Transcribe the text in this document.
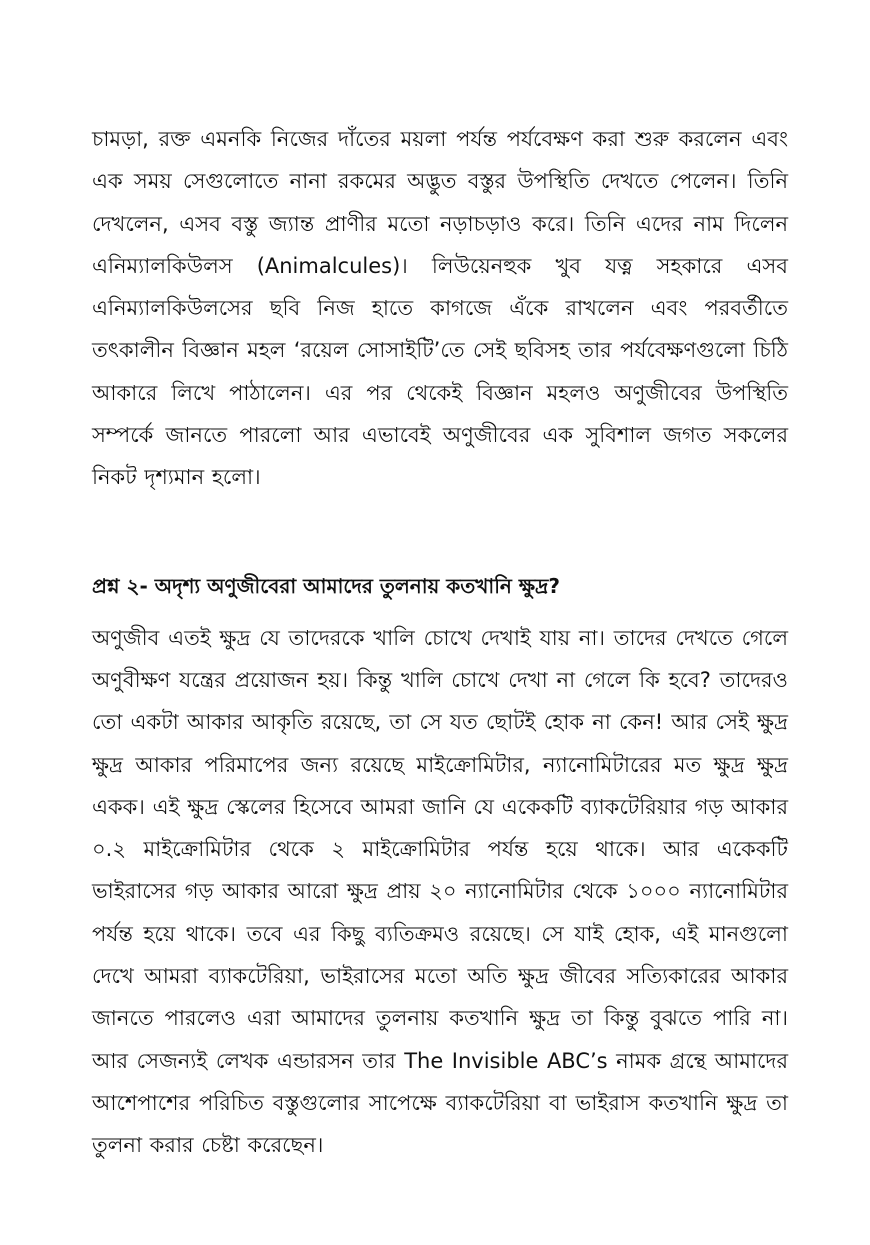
চামড়া, রক্ত এমনকি নিজের দাঁতের ময়লা পর্যন্ত পর্যবেক্ষণ করা শুরু করলেন এবং এক সময় সেগুলোতে নানা রকমের অদ্ভুত বস্তুর উপস্থিতি দেখতে পেলেন। তিনি দেখলেন, এসব বস্তু জ্যান্ত প্রাণীর মতো নড়াচড়াও করে। তিনি এদের নাম দিলেন এনিম্যালকিউলস (Animalcules)। লিউয়েনহুক খুব যত্ন সহকারে এসব এনিম্যালকিউলসের ছবি নিজ হাতে কাগজে এঁকে রাখলেন এবং পরবর্তীতে তৎকালীন বিজ্ঞান মহল ‘রয়েল সোসাইটি’তে সেই ছবিসহ তার পর্যবেক্ষণগুলো চিঠি আকারে লিখে পাঠালেন। এর পর থেকেই বিজ্ঞান মহলও অণুজীবের উপস্থিতি সম্পর্কে জানতে পারলো আর এভাবেই অণুজীবের এক সুবিশাল জগত সকলের নিকট দৃশ্যমান হলো।

প্রশ্ন ২- অদৃশ্য অণুজীবেরা আমাদের তুলনায় কতখানি ক্ষুদ্র?

অণুজীব এতই ক্ষুদ্র যে তাদেরকে খালি চোখে দেখাই যায় না। তাদের দেখতে গেলে অণুবীক্ষণ যন্ত্রের প্রয়োজন হয়। কিন্তু খালি চোখে দেখা না গেলে কি হবে? তাদেরও তো একটা আকার আকৃতি রয়েছে, তা সে যত ছোটই হোক না কেন! আর সেই ক্ষুদ্র ক্ষুদ্র আকার পরিমাপের জন্য রয়েছে মাইক্রোমিটার, ন্যানোমিটারের মত ক্ষুদ্র ক্ষুদ্র একক। এই ক্ষুদ্র স্কেলের হিসেবে আমরা জানি যে একেকটি ব্যাকটেরিয়ার গড় আকার ০.২ মাইক্রোমিটার থেকে ২ মাইক্রোমিটার পর্যন্ত হয়ে থাকে। আর একেকটি ভাইরাসের গড় আকার আরো ক্ষুদ্র প্রায় ২০ ন্যানোমিটার থেকে ১০০০ ন্যানোমিটার পর্যন্ত হয়ে থাকে। তবে এর কিছু ব্যতিক্রমও রয়েছে। সে যাই হোক, এই মানগুলো দেখে আমরা ব্যাকটেরিয়া, ভাইরাসের মতো অতি ক্ষুদ্র জীবের সত্যিকারের আকার জানতে পারলেও এরা আমাদের তুলনায় কতখানি ক্ষুদ্র তা কিন্তু বুঝতে পারি না। আর সেজন্যই লেখক এন্ডারসন তার The Invisible ABC’s নামক গ্রন্থে আমাদের আশেপাশের পরিচিত বস্তুগুলোর সাপেক্ষে ব্যাকটেরিয়া বা ভাইরাস কতখানি ক্ষুদ্র তা তুলনা করার চেষ্টা করেছেন।
